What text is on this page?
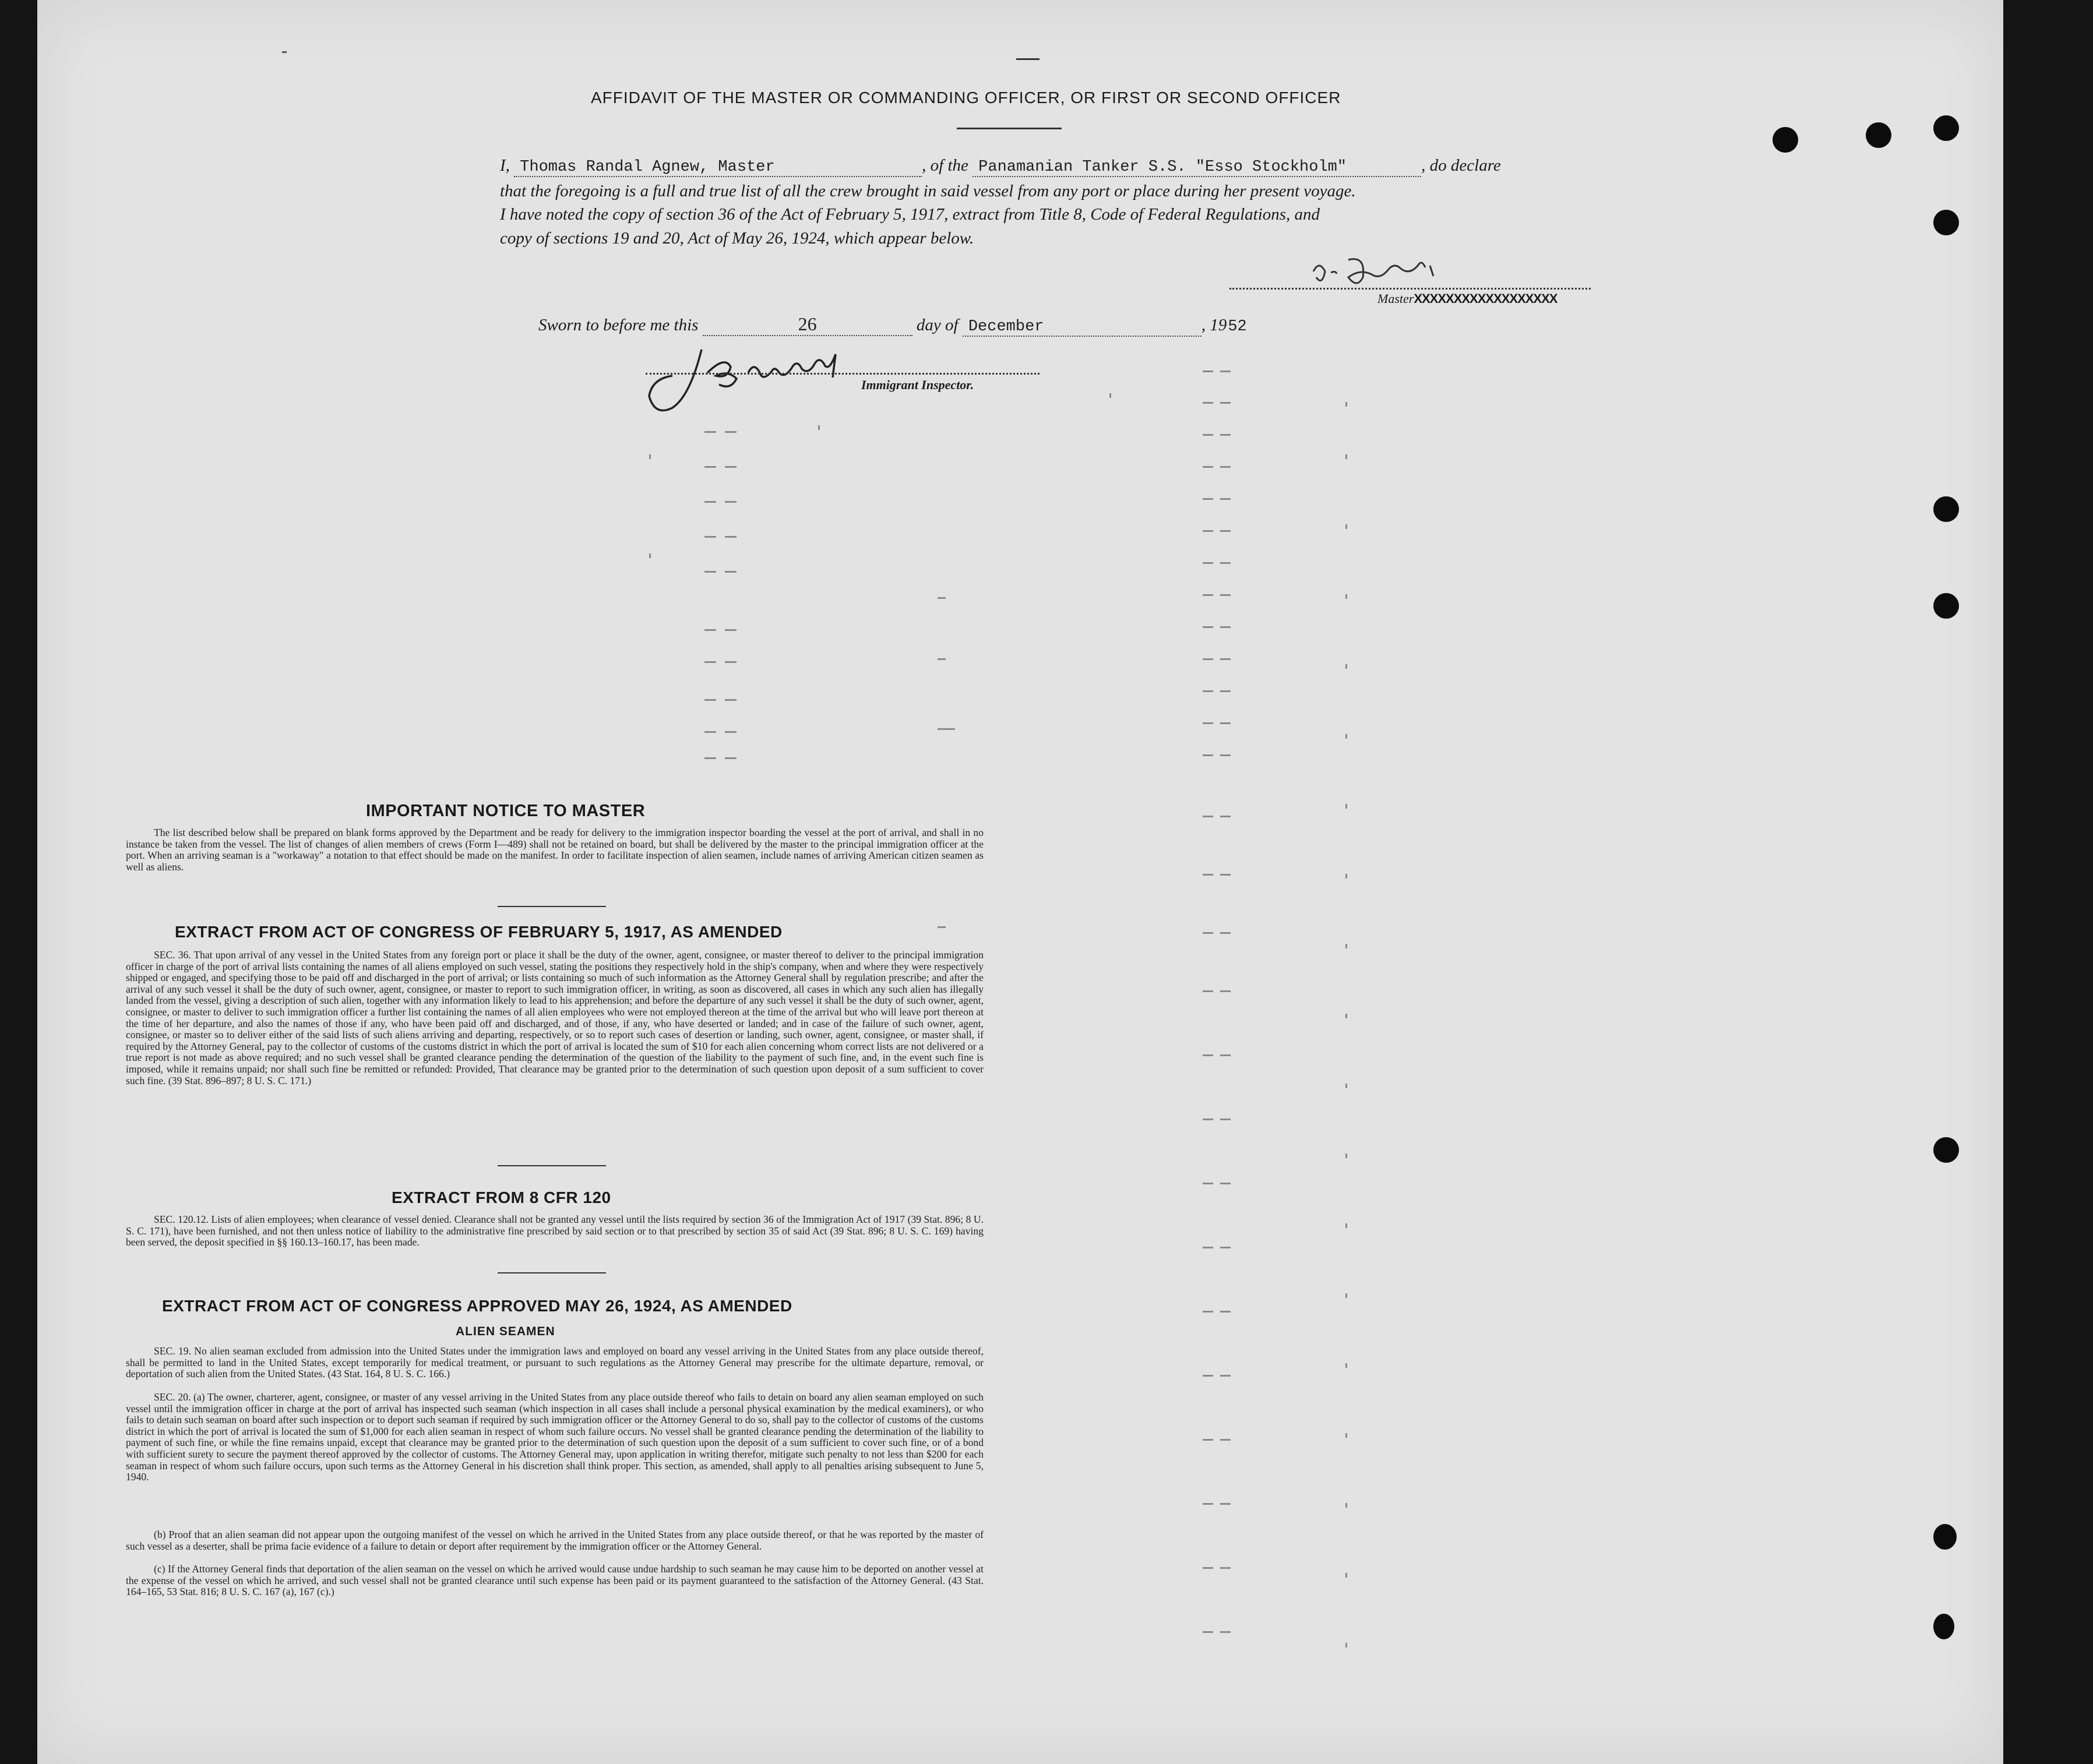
AFFIDAVIT OF THE MASTER OR COMMANDING OFFICER, OR FIRST OR SECOND OFFICER
I, Thomas Randal Agnew, Master	, of the Panamanian Tanker S.S. "Esso Stockholm"	, do declare
that the foregoing is a full and true list of all the crew brought in said vessel from any port or place during her present voyage.
I have noted the copy of section 36 of the Act of February 5, 1917, extract from Title 8, Code of Federal Regulations, and
copy of sections 19 and 20, Act of May 26, 1924, which appear below.
MasterXXXXXXXXXXXXXXXXXX
Sworn to before me this	26	day of December	, 1952
Immigrant Inspector.
IMPORTANT NOTICE TO MASTER
The list described below shall be prepared on blank forms approved by the Department and be ready for delivery to the immigration inspector boarding the vessel at the port of arrival, and shall in no instance be taken from the vessel. The list of changes of alien members of crews (Form I—489) shall not be retained on board, but shall be delivered by the master to the principal immigration officer at the port. When an arriving seaman is a "workaway" a notation to that effect should be made on the manifest. In order to facilitate inspection of alien seamen, include names of arriving American citizen seamen as well as aliens.
EXTRACT FROM ACT OF CONGRESS OF FEBRUARY 5, 1917, AS AMENDED
SEC. 36. That upon arrival of any vessel in the United States from any foreign port or place it shall be the duty of the owner, agent, consignee, or master thereof to deliver to the principal immigration officer in charge of the port of arrival lists containing the names of all aliens employed on such vessel, stating the positions they respectively hold in the ship's company, when and where they were respectively shipped or engaged, and specifying those to be paid off and discharged in the port of arrival; or lists containing so much of such information as the Attorney General shall by regulation prescribe; and after the arrival of any such vessel it shall be the duty of such owner, agent, consignee, or master to report to such immigration officer, in writing, as soon as discovered, all cases in which any such alien has illegally landed from the vessel, giving a description of such alien, together with any information likely to lead to his apprehension; and before the departure of any such vessel it shall be the duty of such owner, agent, consignee, or master to deliver to such immigration officer a further list containing the names of all alien employees who were not employed thereon at the time of the arrival but who will leave port thereon at the time of her departure, and also the names of those if any, who have been paid off and discharged, and of those, if any, who have deserted or landed; and in case of the failure of such owner, agent, consignee, or master so to deliver either of the said lists of such aliens arriving and departing, respectively, or so to report such cases of desertion or landing, such owner, agent, consignee, or master shall, if required by the Attorney General, pay to the collector of customs of the customs district in which the port of arrival is located the sum of $10 for each alien concerning whom correct lists are not delivered or a true report is not made as above required; and no such vessel shall be granted clearance pending the determination of the question of the liability to the payment of such fine, and, in the event such fine is imposed, while it remains unpaid; nor shall such fine be remitted or refunded: Provided, That clearance may be granted prior to the determination of such question upon deposit of a sum sufficient to cover such fine. (39 Stat. 896–897; 8 U. S. C. 171.)
EXTRACT FROM 8 CFR 120
SEC. 120.12. Lists of alien employees; when clearance of vessel denied. Clearance shall not be granted any vessel until the lists required by section 36 of the Immigration Act of 1917 (39 Stat. 896; 8 U. S. C. 171), have been furnished, and not then unless notice of liability to the administrative fine prescribed by said section or to that prescribed by section 35 of said Act (39 Stat. 896; 8 U. S. C. 169) having been served, the deposit specified in §§ 160.13–160.17, has been made.
EXTRACT FROM ACT OF CONGRESS APPROVED MAY 26, 1924, AS AMENDED
ALIEN SEAMEN
SEC. 19. No alien seaman excluded from admission into the United States under the immigration laws and employed on board any vessel arriving in the United States from any place outside thereof, shall be permitted to land in the United States, except temporarily for medical treatment, or pursuant to such regulations as the Attorney General may prescribe for the ultimate departure, removal, or deportation of such alien from the United States. (43 Stat. 164, 8 U. S. C. 166.)
SEC. 20. (a) The owner, charterer, agent, consignee, or master of any vessel arriving in the United States from any place outside thereof who fails to detain on board any alien seaman employed on such vessel until the immigration officer in charge at the port of arrival has inspected such seaman (which inspection in all cases shall include a personal physical examination by the medical examiners), or who fails to detain such seaman on board after such inspection or to deport such seaman if required by such immigration officer or the Attorney General to do so, shall pay to the collector of customs of the customs district in which the port of arrival is located the sum of $1,000 for each alien seaman in respect of whom such failure occurs. No vessel shall be granted clearance pending the determination of the liability to payment of such fine, or while the fine remains unpaid, except that clearance may be granted prior to the determination of such question upon the deposit of a sum sufficient to cover such fine, or of a bond with sufficient surety to secure the payment thereof approved by the collector of customs. The Attorney General may, upon application in writing therefor, mitigate such penalty to not less than $200 for each seaman in respect of whom such failure occurs, upon such terms as the Attorney General in his discretion shall think proper. This section, as amended, shall apply to all penalties arising subsequent to June 5, 1940.
(b) Proof that an alien seaman did not appear upon the outgoing manifest of the vessel on which he arrived in the United States from any place outside thereof, or that he was reported by the master of such vessel as a deserter, shall be prima facie evidence of a failure to detain or deport after requirement by the immigration officer or the Attorney General.
(c) If the Attorney General finds that deportation of the alien seaman on the vessel on which he arrived would cause undue hardship to such seaman he may cause him to be deported on another vessel at the expense of the vessel on which he arrived, and such vessel shall not be granted clearance until such expense has been paid or its payment guaranteed to the satisfaction of the Attorney General. (43 Stat. 164–165, 53 Stat. 816; 8 U. S. C. 167 (a), 167 (c).)
